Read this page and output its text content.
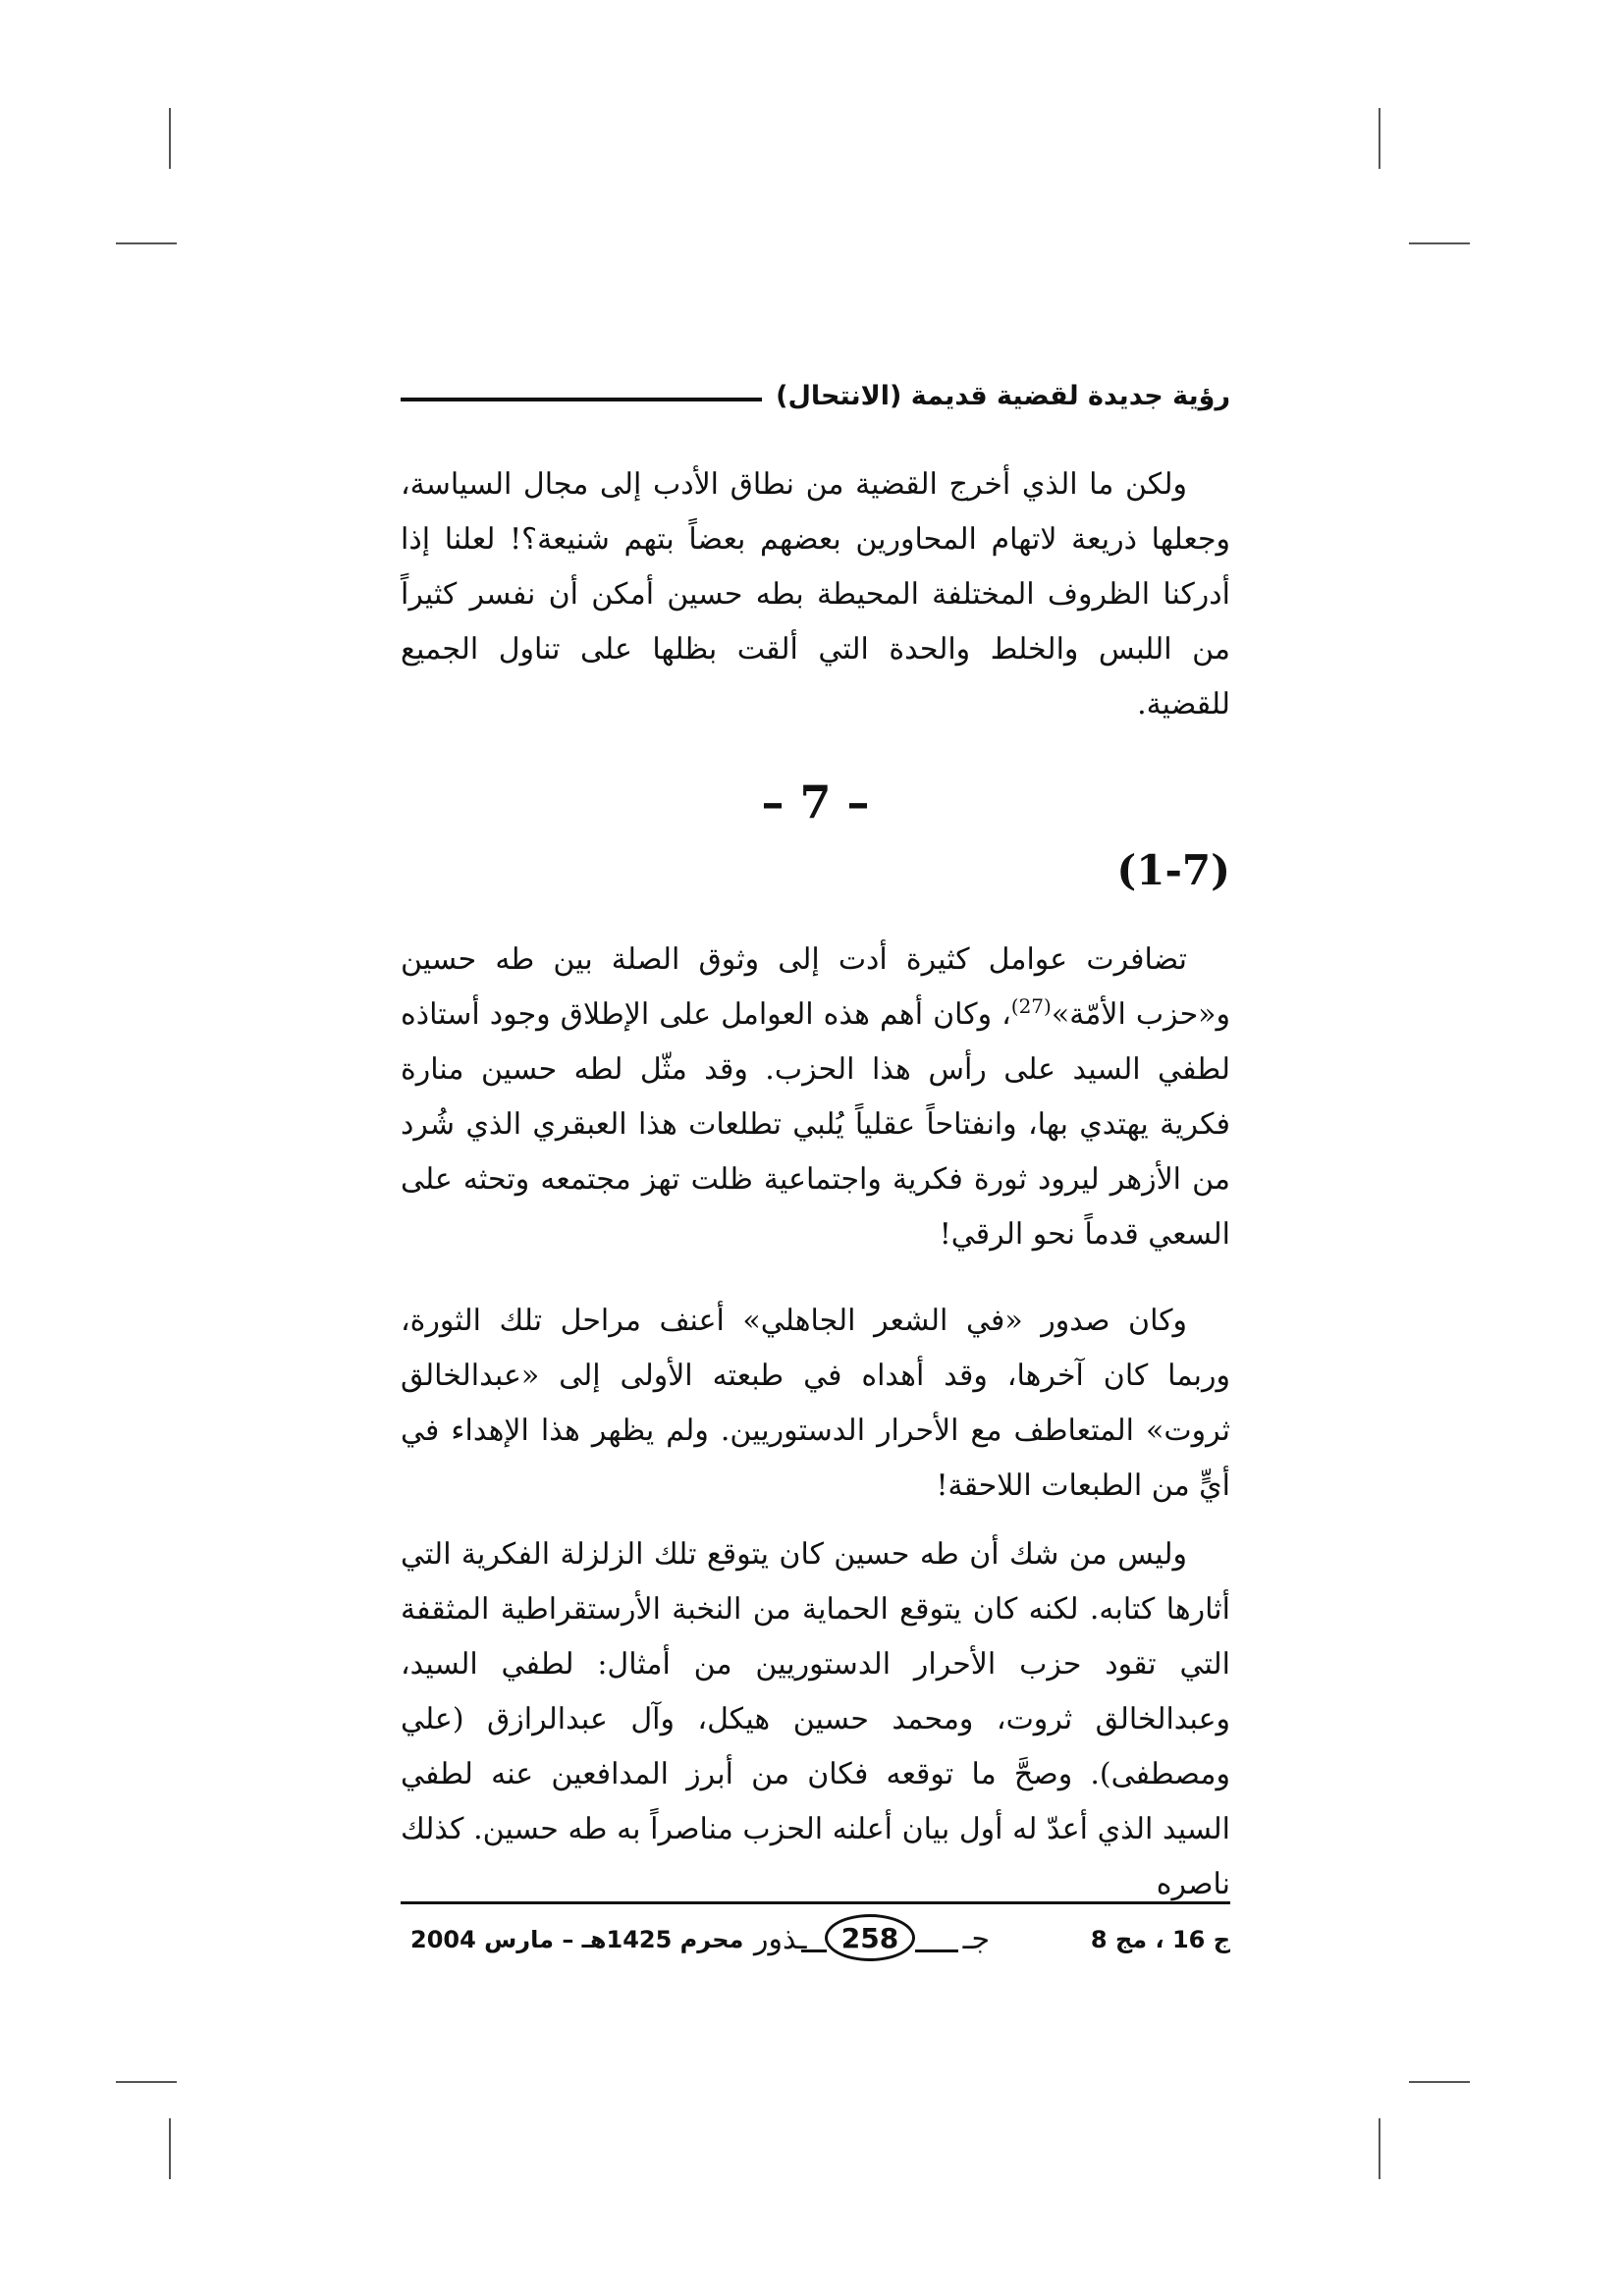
رؤية جديدة لقضية قديمة (الانتحال)

ولكن ما الذي أخرج القضية من نطاق الأدب إلى مجال السياسة، وجعلها ذريعة لاتهام المحاورين بعضهم بعضاً بتهم شنيعة؟! لعلنا إذا أدركنا الظروف المختلفة المحيطة بطه حسين أمكن أن نفسر كثيراً من اللبس والخلط والحدة التي ألقت بظلها على تناول الجميع للقضية.

– 7 –
(1-7)

تضافرت عوامل كثيرة أدت إلى وثوق الصلة بين طه حسين و«حزب الأمّة»$^{(27)}$، وكان أهم هذه العوامل على الإطلاق وجود أستاذه لطفي السيد على رأس هذا الحزب. وقد مثّل لطه حسين منارة فكرية يهتدي بها، وانفتاحاً عقلياً يُلبي تطلعات هذا العبقري الذي شُرد من الأزهر ليرود ثورة فكرية واجتماعية ظلت تهز مجتمعه وتحثه على السعي قدماً نحو الرقي!

وكان صدور «في الشعر الجاهلي» أعنف مراحل تلك الثورة، وربما كان آخرها، وقد أهداه في طبعته الأولى إلى «عبدالخالق ثروت» المتعاطف مع الأحرار الدستوريين. ولم يظهر هذا الإهداء في أيٍّ من الطبعات اللاحقة!

وليس من شك أن طه حسين كان يتوقع تلك الزلزلة الفكرية التي أثارها كتابه. لكنه كان يتوقع الحماية من النخبة الأرستقراطية المثقفة التي تقود حزب الأحرار الدستوريين من أمثال: لطفي السيد، وعبدالخالق ثروت، ومحمد حسين هيكل، وآل عبدالرازق (علي ومصطفى). وصحَّ ما توقعه فكان من أبرز المدافعين عنه لطفي السيد الذي أعدّ له أول بيان أعلنه الحزب مناصراً به طه حسين. كذلك ناصره

ج 16 ، مج 8
ـذور	258	جـ
محرم 1425هـ – مارس 2004
